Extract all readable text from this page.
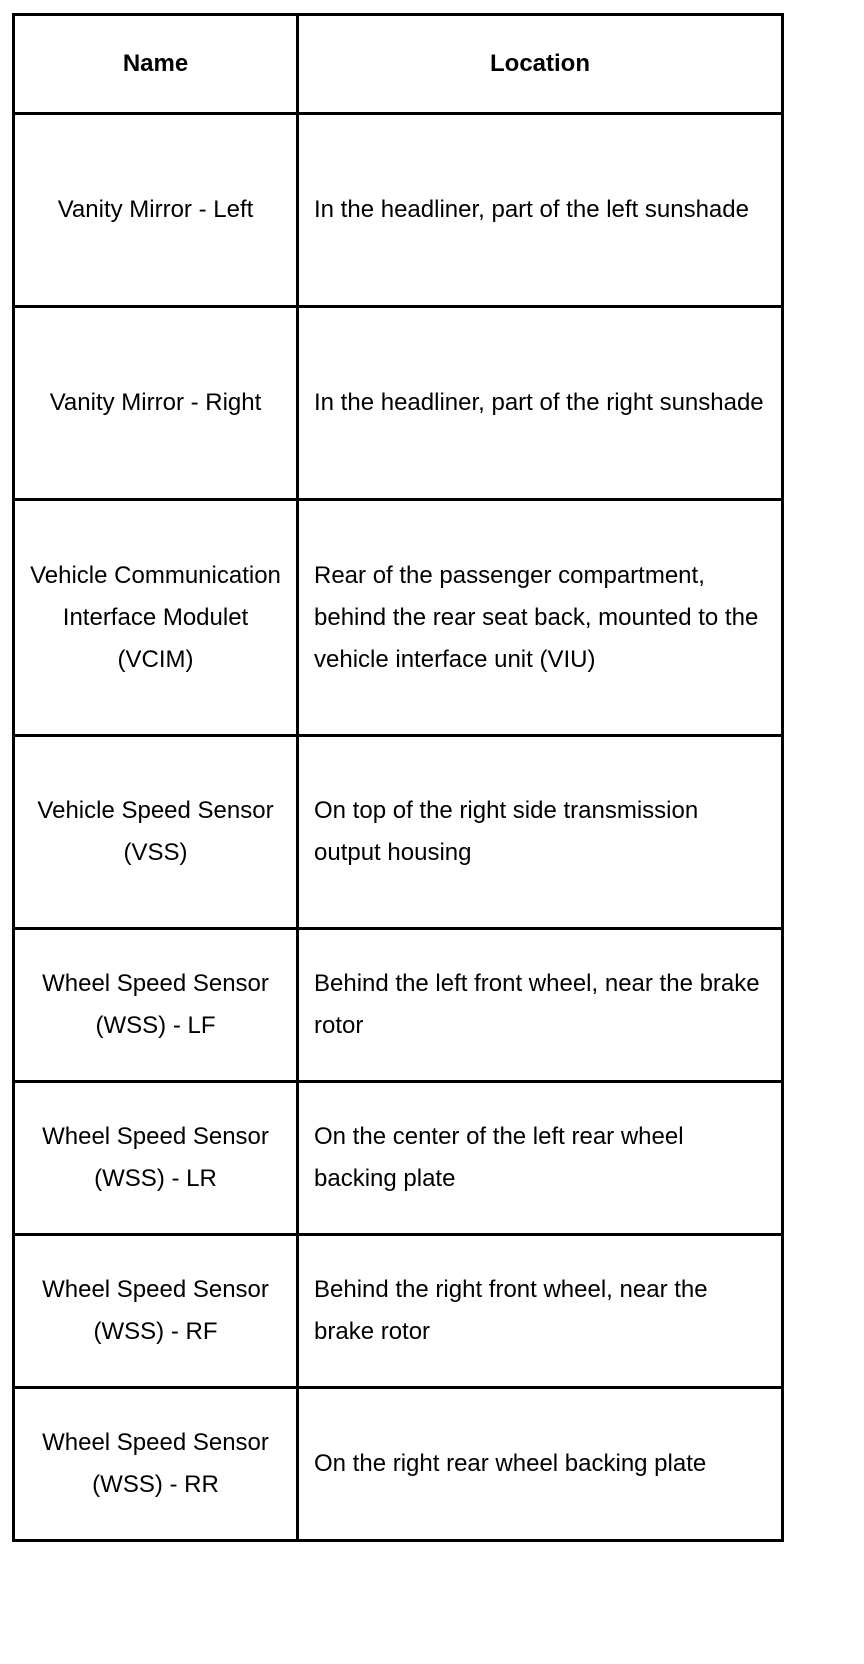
Name	Location
Vanity Mirror - Left	In the headliner, part of the left sunshade
Vanity Mirror - Right	In the headliner, part of the right sunshade
Vehicle Communication Interface Modulet (VCIM)	Rear of the passenger compartment, behind the rear seat back, mounted to the vehicle interface unit (VIU)
Vehicle Speed Sensor (VSS)	On top of the right side transmission output housing
Wheel Speed Sensor (WSS) - LF	Behind the left front wheel, near the brake rotor
Wheel Speed Sensor (WSS) - LR	On the center of the left rear wheel backing plate
Wheel Speed Sensor (WSS) - RF	Behind the right front wheel, near the brake rotor
Wheel Speed Sensor (WSS) - RR	On the right rear wheel backing plate
